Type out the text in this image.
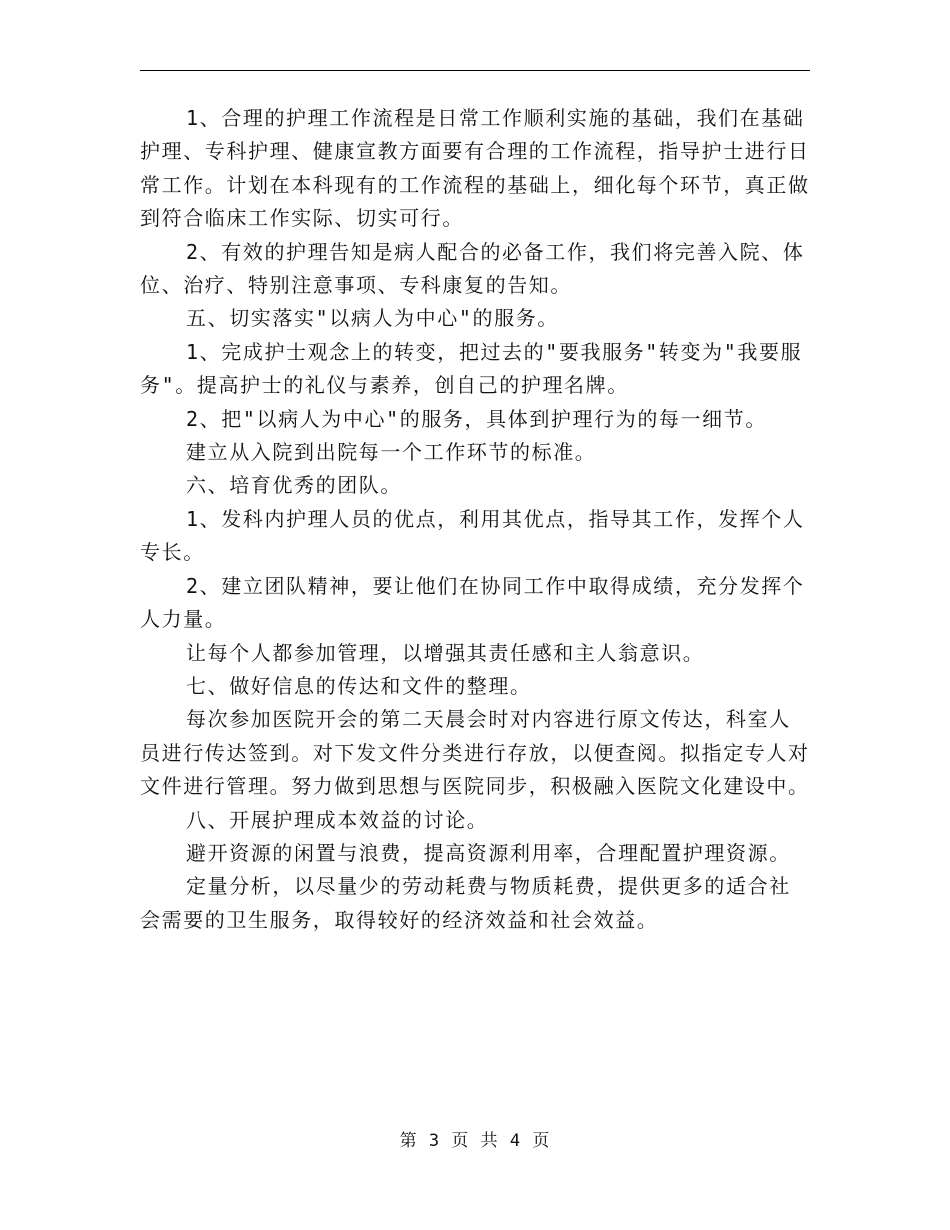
1、合理的护理工作流程是日常工作顺利实施的基础，我们在基础护理、专科护理、健康宣教方面要有合理的工作流程，指导护士进行日常工作。计划在本科现有的工作流程的基础上，细化每个环节，真正做到符合临床工作实际、切实可行。

2、有效的护理告知是病人配合的必备工作，我们将完善入院、体位、治疗、特别注意事项、专科康复的告知。

五、切实落实"以病人为中心"的服务。

1、完成护士观念上的转变，把过去的"要我服务"转变为"我要服务"。提高护士的礼仪与素养，创自己的护理名牌。

2、把"以病人为中心"的服务，具体到护理行为的每一细节。

建立从入院到出院每一个工作环节的标准。

六、培育优秀的团队。

1、发科内护理人员的优点，利用其优点，指导其工作，发挥个人专长。

2、建立团队精神，要让他们在协同工作中取得成绩，充分发挥个人力量。

让每个人都参加管理，以增强其责任感和主人翁意识。

七、做好信息的传达和文件的整理。

每次参加医院开会的第二天晨会时对内容进行原文传达，科室人员进行传达签到。对下发文件分类进行存放，以便查阅。拟指定专人对文件进行管理。努力做到思想与医院同步，积极融入医院文化建设中。

八、开展护理成本效益的讨论。

避开资源的闲置与浪费，提高资源利用率，合理配置护理资源。

定量分析，以尽量少的劳动耗费与物质耗费，提供更多的适合社会需要的卫生服务，取得较好的经济效益和社会效益。

第 3 页 共 4 页
